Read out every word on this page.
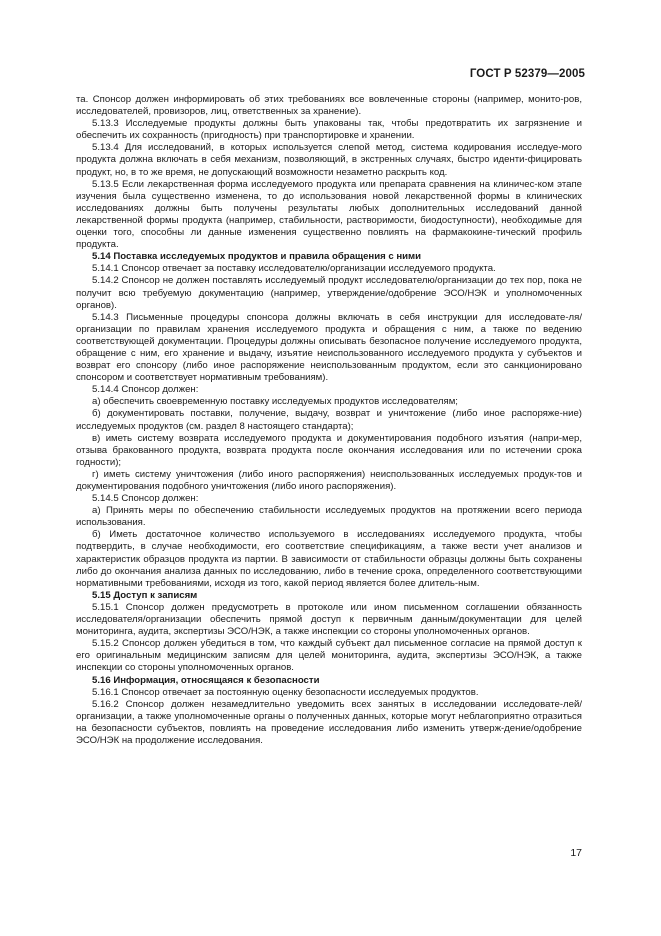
ГОСТ Р 52379—2005

та. Спонсор должен информировать об этих требованиях все вовлеченные стороны (например, монито-ров, исследователей, провизоров, лиц, ответственных за хранение).

5.13.3 Исследуемые продукты должны быть упакованы так, чтобы предотвратить их загрязнение и обеспечить их сохранность (пригодность) при транспортировке и хранении.

5.13.4 Для исследований, в которых используется слепой метод, система кодирования исследуе-мого продукта должна включать в себя механизм, позволяющий, в экстренных случаях, быстро иденти-фицировать продукт, но, в то же время, не допускающий возможности незаметно раскрыть код.

5.13.5 Если лекарственная форма исследуемого продукта или препарата сравнения на клиничес-ком этапе изучения была существенно изменена, то до использования новой лекарственной формы в клинических исследованиях должны быть получены результаты любых дополнительных исследований данной лекарственной формы продукта (например, стабильности, растворимости, биодоступности), необходимые для оценки того, способны ли данные изменения существенно повлиять на фармакокине-тический профиль продукта.

5.14 Поставка исследуемых продуктов и правила обращения с ними

5.14.1 Спонсор отвечает за поставку исследователю/организации исследуемого продукта.

5.14.2 Спонсор не должен поставлять исследуемый продукт исследователю/организации до тех пор, пока не получит всю требуемую документацию (например, утверждение/одобрение ЭСО/НЭК и уполномоченных органов).

5.14.3 Письменные процедуры спонсора должны включать в себя инструкции для исследовате-ля/организации по правилам хранения исследуемого продукта и обращения с ним, а также по ведению соответствующей документации. Процедуры должны описывать безопасное получение исследуемого продукта, обращение с ним, его хранение и выдачу, изъятие неиспользованного исследуемого продукта у субъектов и возврат его спонсору (либо иное распоряжение неиспользованным продуктом, если это санкционировано спонсором и соответствует нормативным требованиям).

5.14.4 Спонсор должен:

а) обеспечить своевременную поставку исследуемых продуктов исследователям;

б) документировать поставки, получение, выдачу, возврат и уничтожение (либо иное распоряже-ние) исследуемых продуктов (см. раздел 8 настоящего стандарта);

в) иметь систему возврата исследуемого продукта и документирования подобного изъятия (напри-мер, отзыва бракованного продукта, возврата продукта после окончания исследования или по истечении срока годности);

г) иметь систему уничтожения (либо иного распоряжения) неиспользованных исследуемых продук-тов и документирования подобного уничтожения (либо иного распоряжения).

5.14.5 Спонсор должен:

а) Принять меры по обеспечению стабильности исследуемых продуктов на протяжении всего периода использования.

б) Иметь достаточное количество используемого в исследованиях исследуемого продукта, чтобы подтвердить, в случае необходимости, его соответствие спецификациям, а также вести учет анализов и характеристик образцов продукта из партии. В зависимости от стабильности образцы должны быть сохранены либо до окончания анализа данных по исследованию, либо в течение срока, определенного соответствующими нормативными требованиями, исходя из того, какой период является более длитель-ным.

5.15 Доступ к записям

5.15.1 Спонсор должен предусмотреть в протоколе или ином письменном соглашении обязанность исследователя/организации обеспечить прямой доступ к первичным данным/документации для целей мониторинга, аудита, экспертизы ЭСО/НЭК, а также инспекции со стороны уполномоченных органов.

5.15.2 Спонсор должен убедиться в том, что каждый субъект дал письменное согласие на прямой доступ к его оригинальным медицинским записям для целей мониторинга, аудита, экспертизы ЭСО/НЭК, а также инспекции со стороны уполномоченных органов.

5.16 Информация, относящаяся к безопасности

5.16.1 Спонсор отвечает за постоянную оценку безопасности исследуемых продуктов.

5.16.2 Спонсор должен незамедлительно уведомить всех занятых в исследовании исследовате-лей/организации, а также уполномоченные органы о полученных данных, которые могут неблагоприятно отразиться на безопасности субъектов, повлиять на проведение исследования либо изменить утверж-дение/одобрение ЭСО/НЭК на продолжение исследования.

17
